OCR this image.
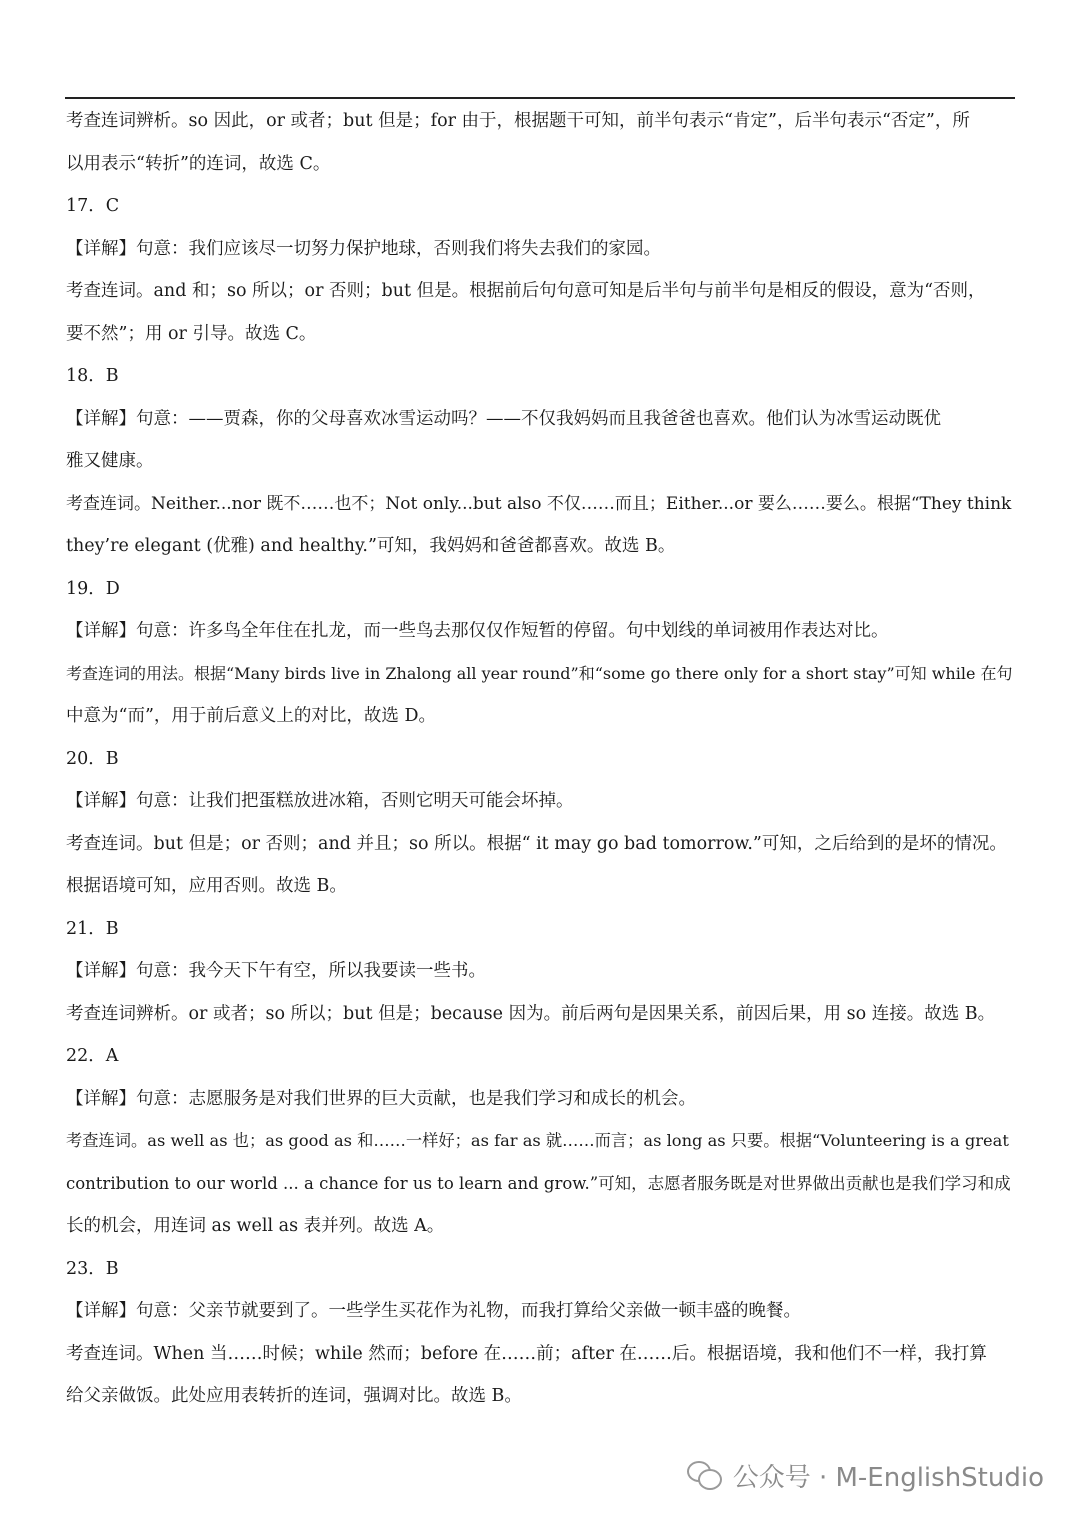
考查连词辨析。so 因此，or 或者；but 但是；for 由于，根据题干可知，前半句表示“肯定”，后半句表示“否定”，所
以用表示“转折”的连词，故选 C。
17．C
【详解】句意：我们应该尽一切努力保护地球，否则我们将失去我们的家园。
考查连词。and 和；so 所以；or 否则；but 但是。根据前后句句意可知是后半句与前半句是相反的假设，意为“否则，
要不然”；用 or 引导。故选 C。
18．B
【详解】句意：——贾森，你的父母喜欢冰雪运动吗？——不仅我妈妈而且我爸爸也喜欢。他们认为冰雪运动既优
雅又健康。
考查连词。Neither...nor 既不……也不；Not only...but also 不仅……而且；Either...or 要么……要么。根据“They think
they’re elegant (优雅) and healthy.”可知，我妈妈和爸爸都喜欢。故选 B。
19．D
【详解】句意：许多鸟全年住在扎龙，而一些鸟去那仅仅作短暂的停留。句中划线的单词被用作表达对比。
考查连词的用法。根据“Many birds live in Zhalong all year round”和“some go there only for a short stay”可知 while 在句
中意为“而”，用于前后意义上的对比，故选 D。
20．B
【详解】句意：让我们把蛋糕放进冰箱，否则它明天可能会坏掉。
考查连词。but 但是；or 否则；and 并且；so 所以。根据“ it may go bad tomorrow.”可知，之后给到的是坏的情况。
根据语境可知，应用否则。故选 B。
21．B
【详解】句意：我今天下午有空，所以我要读一些书。
考查连词辨析。or 或者；so 所以；but 但是；because 因为。前后两句是因果关系，前因后果，用 so 连接。故选 B。
22．A
【详解】句意：志愿服务是对我们世界的巨大贡献，也是我们学习和成长的机会。
考查连词。as well as 也；as good as 和……一样好；as far as 就……而言；as long as 只要。根据“Volunteering is a great
contribution to our world ... a chance for us to learn and grow.”可知，志愿者服务既是对世界做出贡献也是我们学习和成
长的机会，用连词 as well as 表并列。故选 A。
23．B
【详解】句意：父亲节就要到了。一些学生买花作为礼物，而我打算给父亲做一顿丰盛的晚餐。
考查连词。When 当……时候；while 然而；before 在……前；after 在……后。根据语境，我和他们不一样，我打算
给父亲做饭。此处应用表转折的连词，强调对比。故选 B。
公众号 · M-EnglishStudio
